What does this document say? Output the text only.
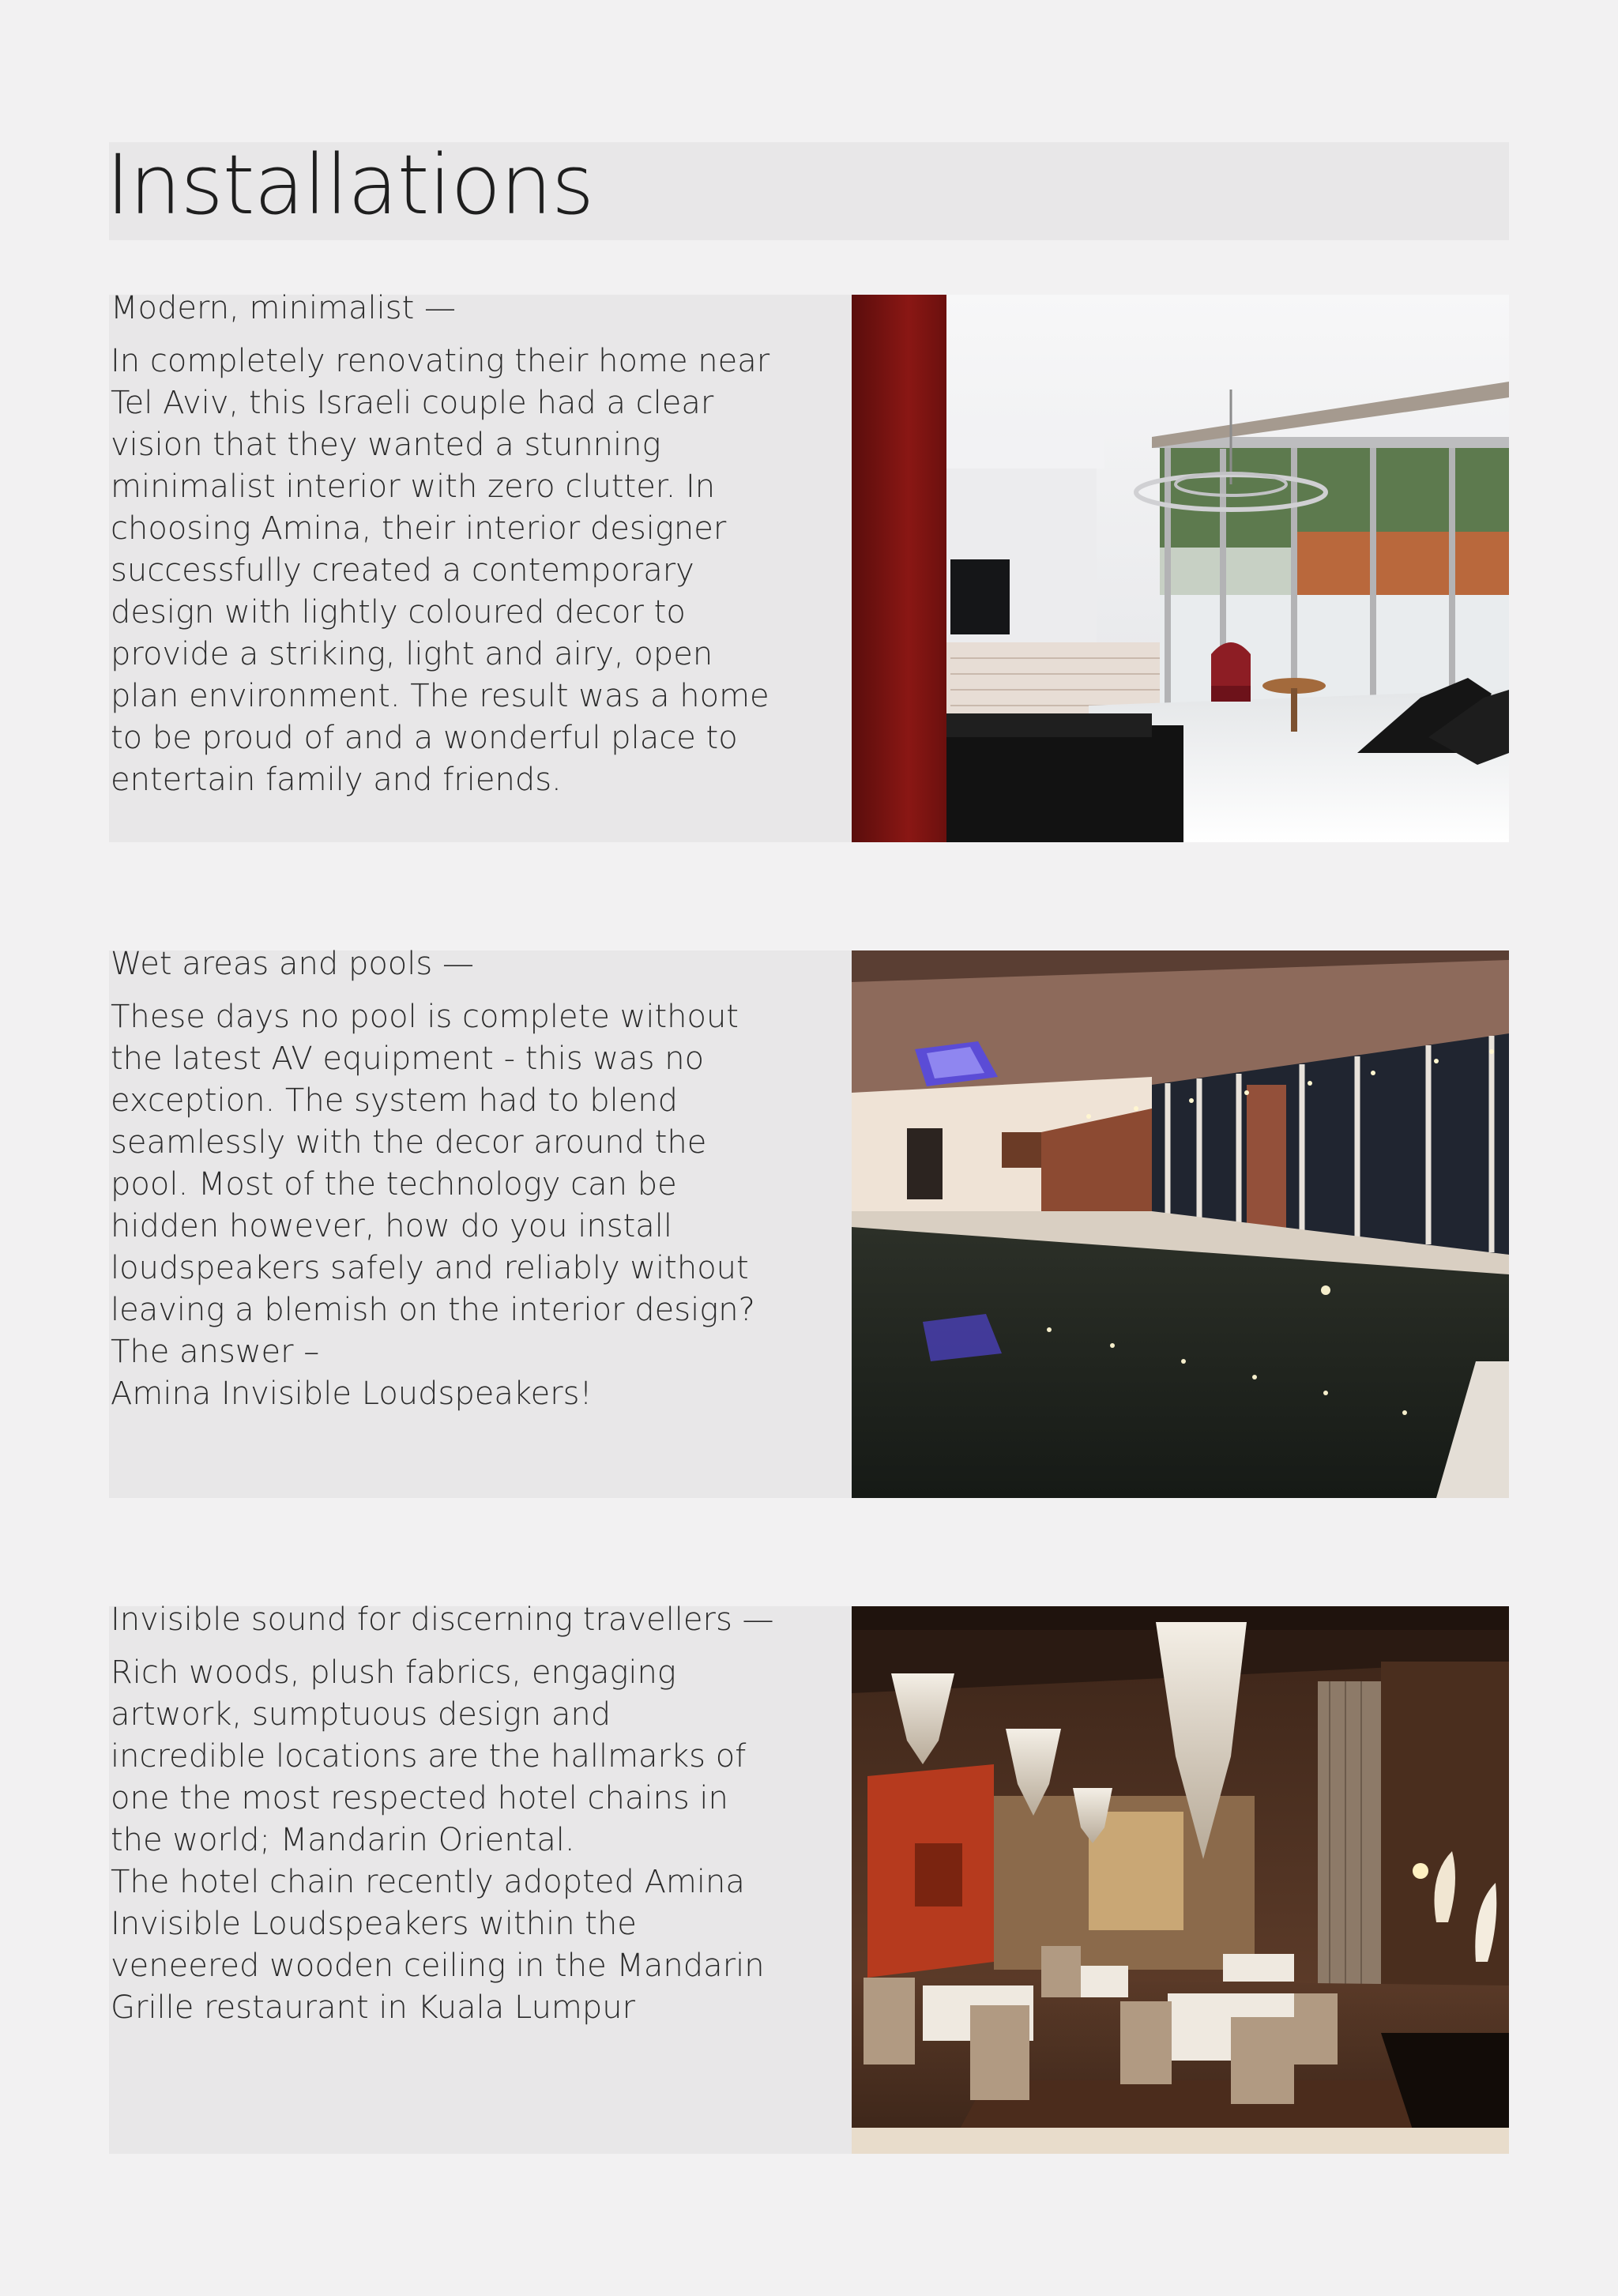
Installations
Modern, minimalist —

In completely renovating their home near
Tel Aviv, this Israeli couple had a clear
vision that they wanted a stunning
minimalist interior with zero clutter. In
choosing Amina, their interior designer
successfully created a contemporary
design with lightly coloured decor to
provide a striking, light and airy, open
plan environment. The result was a home
to be proud of and a wonderful place to
entertain family and friends.

Wet areas and pools —

These days no pool is complete without
the latest AV equipment - this was no
exception. The system had to blend
seamlessly with the decor around the
pool. Most of the technology can be
hidden however, how do you install
loudspeakers safely and reliably without
leaving a blemish on the interior design?
The answer –
Amina Invisible Loudspeakers!

Invisible sound for discerning travellers —

Rich woods, plush fabrics, engaging
artwork, sumptuous design and
incredible locations are the hallmarks of
one the most respected hotel chains in
the world; Mandarin Oriental.
The hotel chain recently adopted Amina
Invisible Loudspeakers within the
veneered wooden ceiling in the Mandarin
Grille restaurant in Kuala Lumpur
